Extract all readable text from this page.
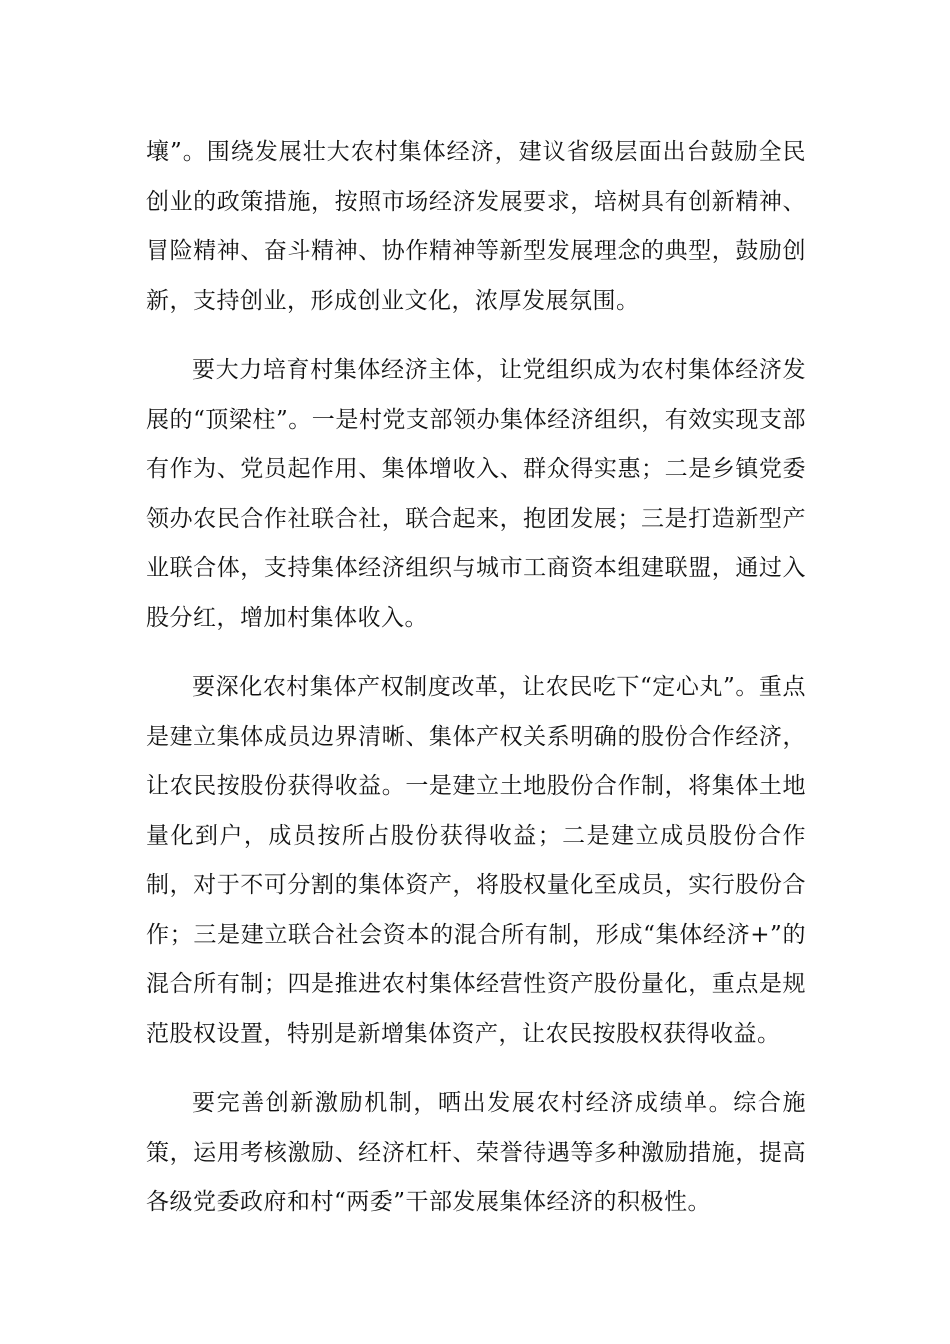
壤”。围绕发展壮大农村集体经济，建议省级层面出台鼓励全民创业的政策措施，按照市场经济发展要求，培树具有创新精神、冒险精神、奋斗精神、协作精神等新型发展理念的典型，鼓励创新，支持创业，形成创业文化，浓厚发展氛围。

要大力培育村集体经济主体，让党组织成为农村集体经济发展的“顶梁柱”。一是村党支部领办集体经济组织，有效实现支部有作为、党员起作用、集体增收入、群众得实惠；二是乡镇党委领办农民合作社联合社，联合起来，抱团发展；三是打造新型产业联合体，支持集体经济组织与城市工商资本组建联盟，通过入股分红，增加村集体收入。

要深化农村集体产权制度改革，让农民吃下“定心丸”。重点是建立集体成员边界清晰、集体产权关系明确的股份合作经济，让农民按股份获得收益。一是建立土地股份合作制，将集体土地量化到户，成员按所占股份获得收益；二是建立成员股份合作制，对于不可分割的集体资产，将股权量化至成员，实行股份合作；三是建立联合社会资本的混合所有制，形成“集体经济+”的混合所有制；四是推进农村集体经营性资产股份量化，重点是规范股权设置，特别是新增集体资产，让农民按股权获得收益。

要完善创新激励机制，晒出发展农村经济成绩单。综合施策，运用考核激励、经济杠杆、荣誉待遇等多种激励措施，提高各级党委政府和村“两委”干部发展集体经济的积极性。
